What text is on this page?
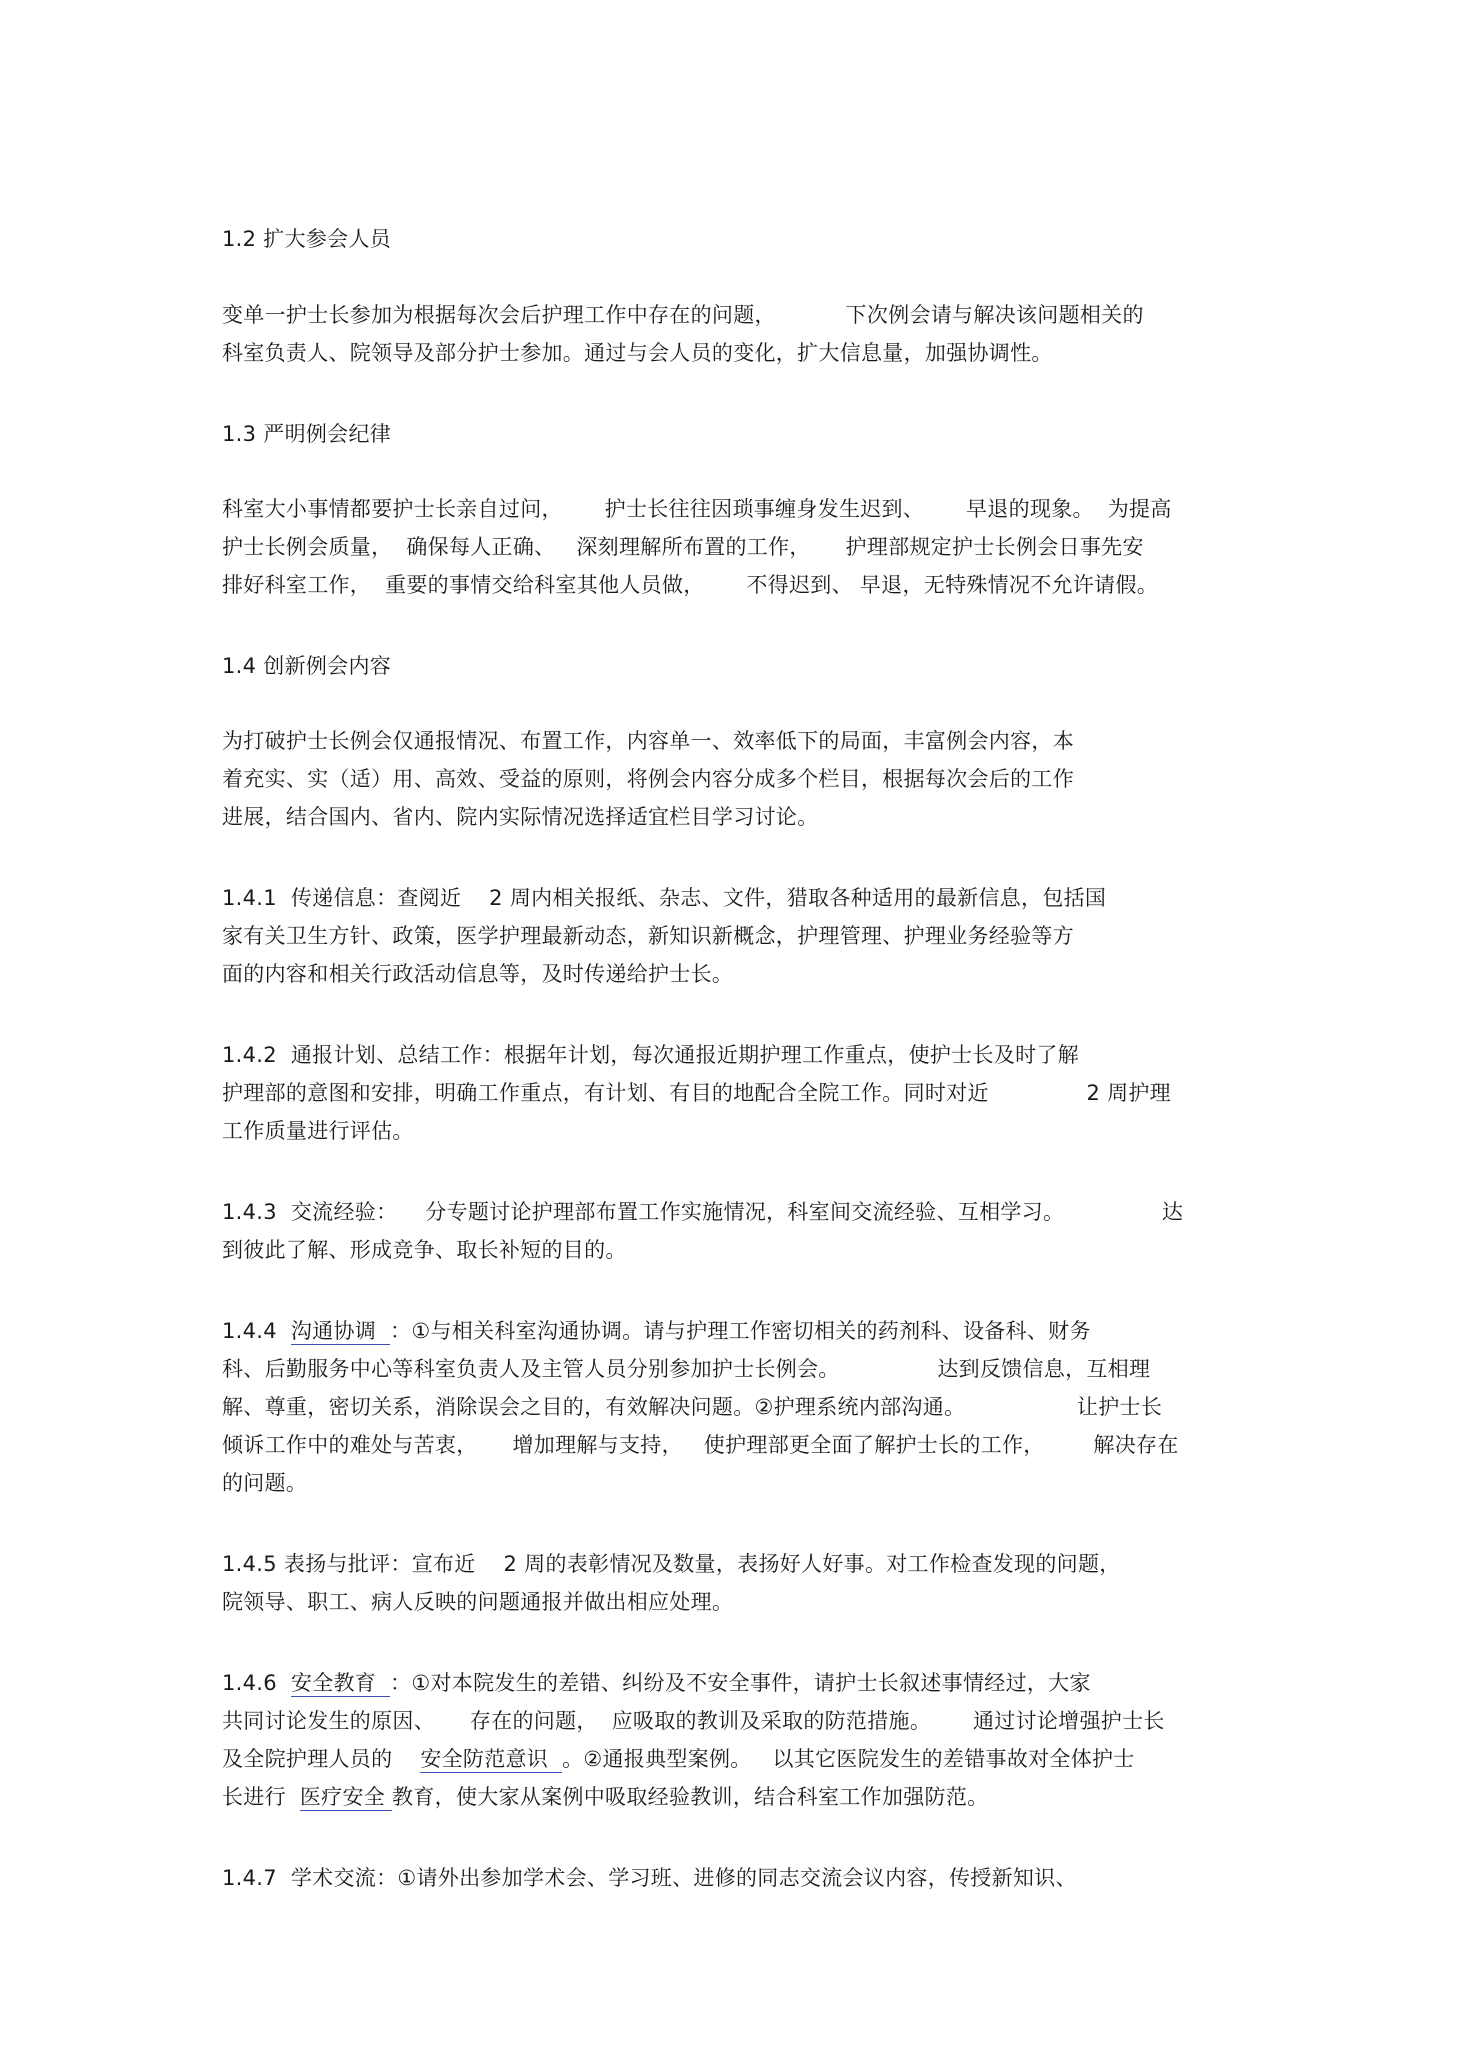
1.2 扩大参会人员
变单一护士长参加为根据每次会后护理工作中存在的问题，          下次例会请与解决该问题相关的
科室负责人、院领导及部分护士参加。通过与会人员的变化，扩大信息量，加强协调性。
1.3 严明例会纪律
科室大小事情都要护士长亲自过问，      护士长往往因琐事缠身发生迟到、      早退的现象。  为提高
护士长例会质量，  确保每人正确、   深刻理解所布置的工作，     护理部规定护士长例会日事先安
排好科室工作，  重要的事情交给科室其他人员做，      不得迟到、 早退，无特殊情况不允许请假。
1.4 创新例会内容
为打破护士长例会仅通报情况、布置工作，内容单一、效率低下的局面，丰富例会内容，本
着充实、实（适）用、高效、受益的原则，将例会内容分成多个栏目，根据每次会后的工作
进展，结合国内、省内、院内实际情况选择适宜栏目学习讨论。
1.4.1  传递信息：查阅近    2 周内相关报纸、杂志、文件，猎取各种适用的最新信息，包括国
家有关卫生方针、政策，医学护理最新动态，新知识新概念，护理管理、护理业务经验等方
面的内容和相关行政活动信息等，及时传递给护士长。
1.4.2  通报计划、总结工作：根据年计划，每次通报近期护理工作重点，使护士长及时了解
护理部的意图和安排，明确工作重点，有计划、有目的地配合全院工作。同时对近              2 周护理
工作质量进行评估。
1.4.3  交流经验：    分专题讨论护理部布置工作实施情况，科室间交流经验、互相学习。              达
到彼此了解、形成竞争、取长补短的目的。
1.4.4  沟通协调  ：①与相关科室沟通协调。请与护理工作密切相关的药剂科、设备科、财务
科、后勤服务中心等科室负责人及主管人员分别参加护士长例会。              达到反馈信息，互相理
解、尊重，密切关系，消除误会之目的，有效解决问题。②护理系统内部沟通。                让护士长
倾诉工作中的难处与苦衷，     增加理解与支持，   使护理部更全面了解护士长的工作，       解决存在
的问题。
1.4.5 表扬与批评：宣布近    2 周的表彰情况及数量，表扬好人好事。对工作检查发现的问题，
院领导、职工、病人反映的问题通报并做出相应处理。
1.4.6  安全教育  ：①对本院发生的差错、纠纷及不安全事件，请护士长叙述事情经过，大家
共同讨论发生的原因、     存在的问题，  应吸取的教训及采取的防范措施。      通过讨论增强护士长
及全院护理人员的    安全防范意识  。②通报典型案例。   以其它医院发生的差错事故对全体护士
长进行  医疗安全 教育，使大家从案例中吸取经验教训，结合科室工作加强防范。
1.4.7  学术交流：①请外出参加学术会、学习班、进修的同志交流会议内容，传授新知识、
